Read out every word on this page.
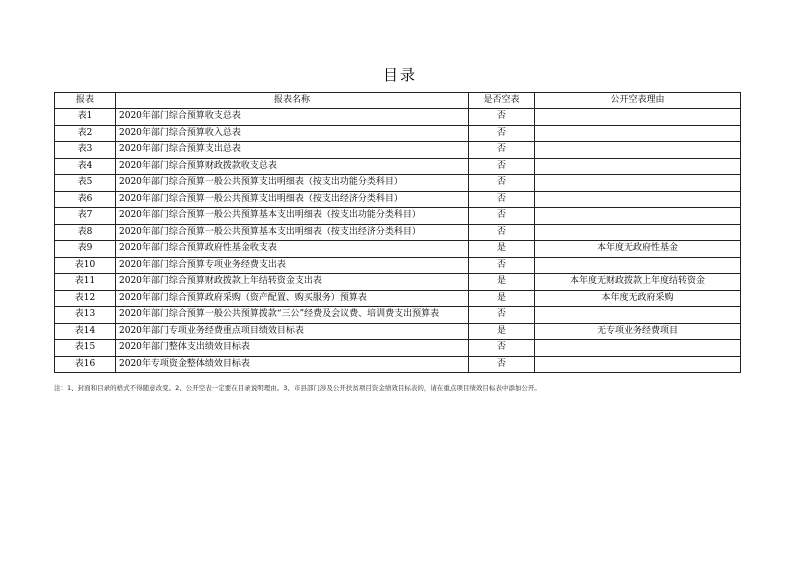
目录
报表	报表名称	是否空表	公开空表理由
表1	2020年部门综合预算收支总表	否	
表2	2020年部门综合预算收入总表	否	
表3	2020年部门综合预算支出总表	否	
表4	2020年部门综合预算财政拨款收支总表	否	
表5	2020年部门综合预算一般公共预算支出明细表（按支出功能分类科目）	否	
表6	2020年部门综合预算一般公共预算支出明细表（按支出经济分类科目）	否	
表7	2020年部门综合预算一般公共预算基本支出明细表（按支出功能分类科目）	否	
表8	2020年部门综合预算一般公共预算基本支出明细表（按支出经济分类科目）	否	
表9	2020年部门综合预算政府性基金收支表	是	本年度无政府性基金
表10	2020年部门综合预算专项业务经费支出表	否	
表11	2020年部门综合预算财政拨款上年结转资金支出表	是	本年度无财政拨款上年度结转资金
表12	2020年部门综合预算政府采购（资产配置、购买服务）预算表	是	本年度无政府采购
表13	2020年部门综合预算一般公共预算拨款“三公”经费及会议费、培训费支出预算表	否	
表14	2020年部门专项业务经费重点项目绩效目标表	是	无专项业务经费项目
表15	2020年部门整体支出绩效目标表	否	
表16	2020年专项资金整体绩效目标表	否	
注：1、封面和目录的格式不得随意改变。2、公开空表一定要在目录说明理由。3、市县部门涉及公开扶贫项目资金绩效目标表的，请在重点项目绩效目标表中添加公开。
